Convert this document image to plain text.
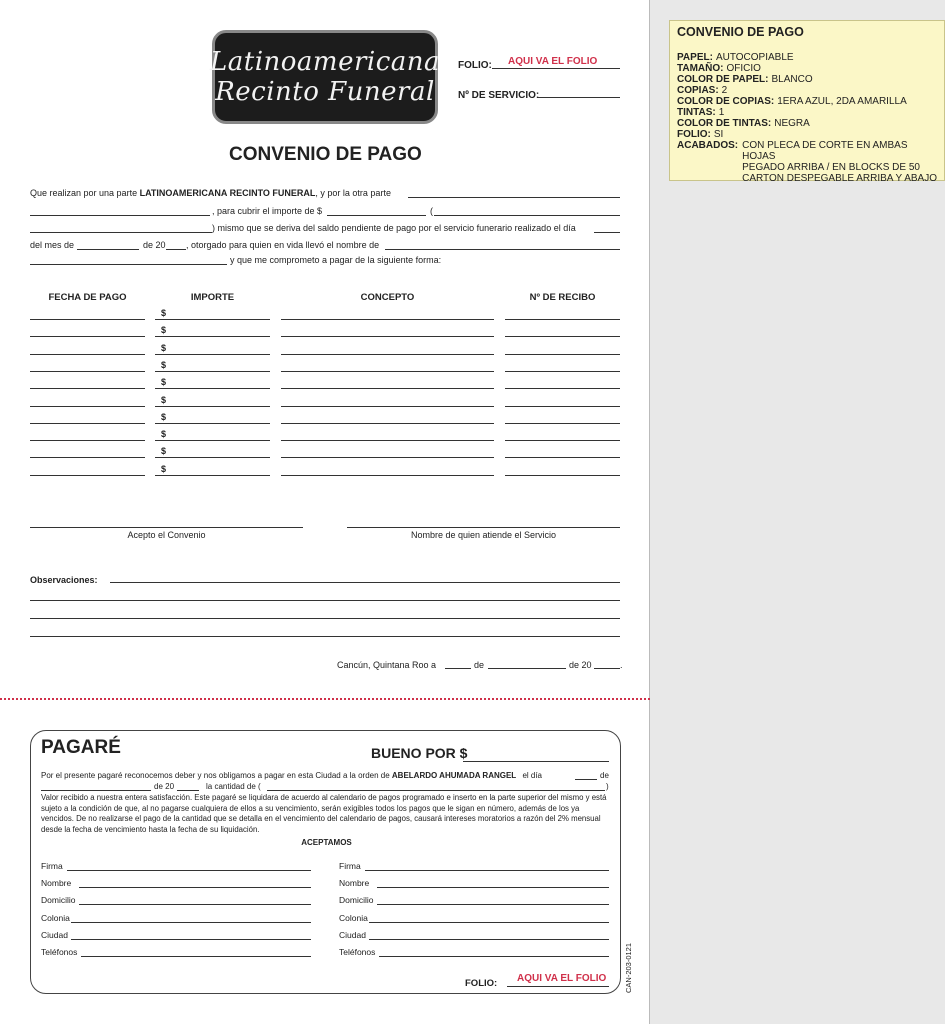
Latinoamericana
Recinto Funeral
FOLIO: AQUI VA EL FOLIO
Nº DE SERVICIO:
CONVENIO DE PAGO
Que realizan por una parte LATINOAMERICANA RECINTO FUNERAL, y por la otra parte
, para cubrir el importe de $	(
) mismo que se deriva del saldo pendiente de pago por el servicio funerario realizado el día
del mes de	de 20 , otorgado para quien en vida llevó el nombre de
y que me comprometo a pagar de la siguiente forma:
FECHA DE PAGO	IMPORTE	CONCEPTO	Nº DE RECIBO
$
$
$
$
$
$
$
$
$
$
Acepto el Convenio	Nombre de quien atiende el Servicio
Observaciones:
Cancún, Quintana Roo a	de	de 20	.
PAGARÉ	BUENO POR $
Por el presente pagaré reconocemos deber y nos obligamos a pagar en esta Ciudad a la orden de ABELARDO AHUMADA RANGEL el día	de
de 20	la cantidad de (	)
Valor recibido a nuestra entera satisfacción. Este pagaré se liquidara de acuerdo al calendario de pagos programado e inserto en la parte superior del mismo y está sujeto a la condición de que, al no pagarse cualquiera de ellos a su vencimiento, serán exigibles todos los pagos que le sigan en número, además de los ya vencidos. De no realizarse el pago de la cantidad que se detalla en el vencimiento del calendario de pagos, causará intereses moratorios a razón del 2% mensual desde la fecha de vencimiento hasta la fecha de su liquidación.
ACEPTAMOS
Firma
Nombre
Domicilio
Colonia
Ciudad
Teléfonos
Firma
Nombre
Domicilio
Colonia
Ciudad
Teléfonos
FOLIO: AQUI VA EL FOLIO CAN-203-0121
CONVENIO DE PAGO
PAPEL: AUTOCOPIABLE
TAMAÑO: OFICIO
COLOR DE PAPEL: BLANCO
COPIAS: 2
COLOR DE COPIAS: 1ERA AZUL, 2DA AMARILLA
TINTAS: 1
COLOR DE TINTAS: NEGRA
FOLIO: SI
ACABADOS: CON PLECA DE CORTE EN AMBAS HOJAS
PEGADO ARRIBA / EN BLOCKS DE 50
CARTON DESPEGABLE ARRIBA Y ABAJO
